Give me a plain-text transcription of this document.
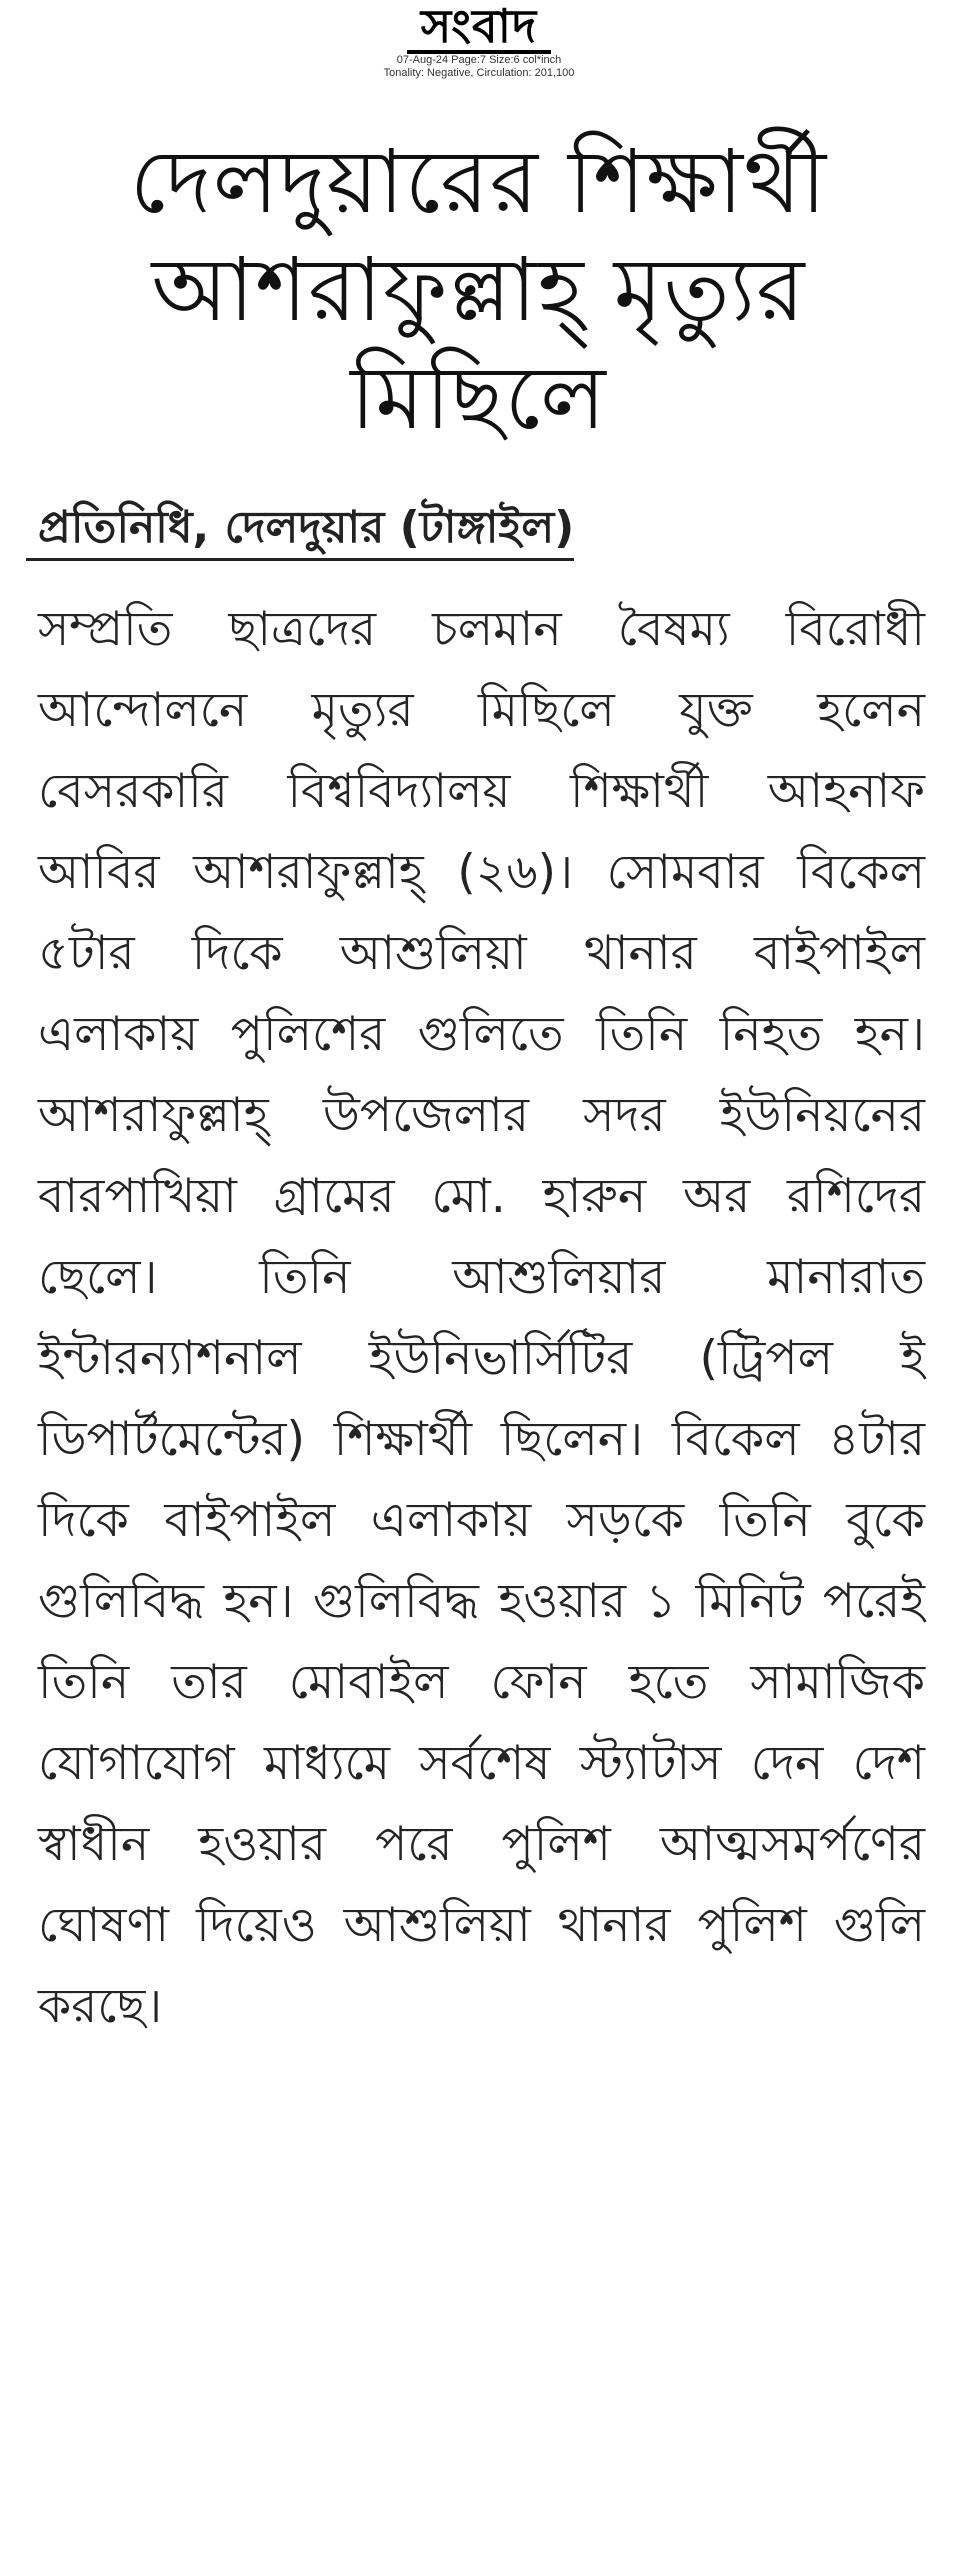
সংবাদ
07-Aug-24 Page:7 Size:6 col*inch
Tonality: Negative, Circulation: 201,100
দেলদুয়ারের শিক্ষার্থী আশরাফুল্লাহ্ মৃত্যুর মিছিলে
প্রতিনিধি, দেলদুয়ার (টাঙ্গাইল)
সম্প্রতি ছাত্রদের চলমান বৈষম্য বিরোধী আন্দোলনে মৃত্যুর মিছিলে যুক্ত হলেন বেসরকারি বিশ্ববিদ্যালয় শিক্ষার্থী আহনাফ আবির আশরাফুল্লাহ্ (২৬)। সোমবার বিকেল ৫টার দিকে আশুলিয়া থানার বাইপাইল এলাকায় পুলিশের গুলিতে তিনি নিহত হন। আশরাফুল্লাহ্ উপজেলার সদর ইউনিয়নের বারপাখিয়া গ্রামের মো. হারুন অর রশিদের ছেলে। তিনি আশুলিয়ার মানারাত ইন্টারন্যাশনাল ইউনিভার্সিটির (ট্রিপল ই ডিপার্টমেন্টের) শিক্ষার্থী ছিলেন। বিকেল ৪টার দিকে বাইপাইল এলাকায় সড়কে তিনি বুকে গুলিবিদ্ধ হন। গুলিবিদ্ধ হওয়ার ১ মিনিট পরেই তিনি তার মোবাইল ফোন হতে সামাজিক যোগাযোগ মাধ্যমে সর্বশেষ স্ট্যাটাস দেন দেশ স্বাধীন হওয়ার পরে পুলিশ আত্মসমর্পণের ঘোষণা দিয়েও আশুলিয়া থানার পুলিশ গুলি করছে।
